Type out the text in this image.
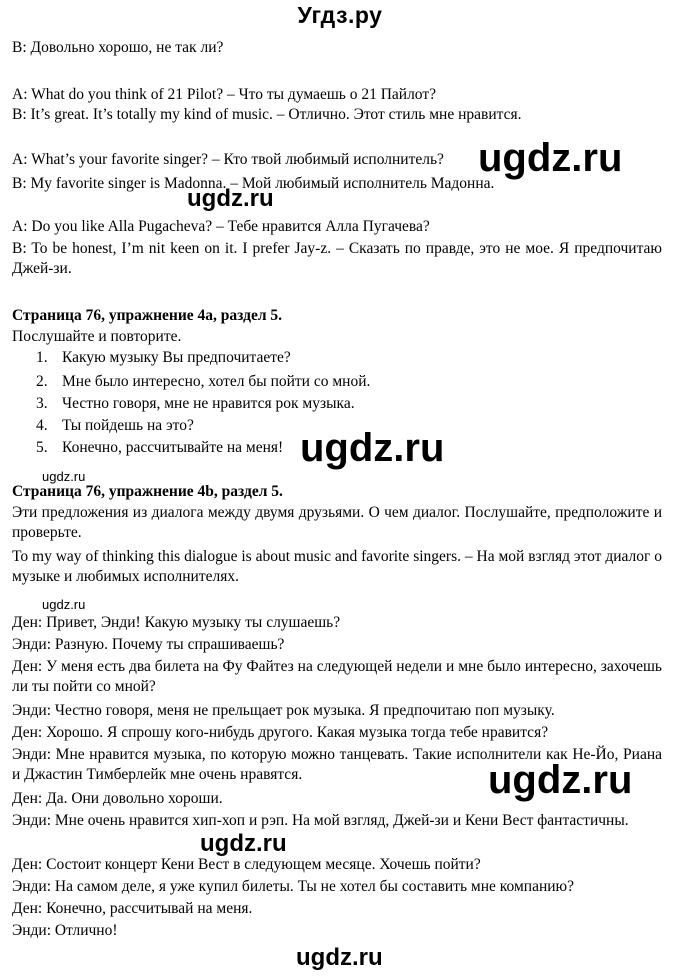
Угдз.ру
В: Довольно хорошо, не так ли?
A: What do you think of 21 Pilot? – Что ты думаешь о 21 Пайлот?
B: It’s great. It’s totally my kind of music. – Отлично. Этот стиль мне нравится.
A: What’s your favorite singer? – Кто твой любимый исполнитель?
B: My favorite singer is Madonna. – Мой любимый исполнитель Мадонна.
A: Do you like Alla Pugacheva? – Тебе нравится Алла Пугачева?
B: To be honest, I’m nit keen on it. I prefer Jay-z. – Сказать по правде, это не мое. Я предпочитаю Джей-зи.
Страница 76, упражнение 4a, раздел 5.
Послушайте и повторите.
1. Какую музыку Вы предпочитаете?
2. Мне было интересно, хотел бы пойти со мной.
3. Честно говоря, мне не нравится рок музыка.
4. Ты пойдешь на это?
5. Конечно, рассчитывайте на меня!
Страница 76, упражнение 4b, раздел 5.
Эти предложения из диалога между двумя друзьями. О чем диалог. Послушайте, предположите и проверьте.
To my way of thinking this dialogue is about music and favorite singers. – На мой взгляд этот диалог о музыке и любимых исполнителях.
Ден: Привет, Энди! Какую музыку ты слушаешь?
Энди: Разную. Почему ты спрашиваешь?
Ден: У меня есть два билета на Фу Файтез на следующей недели и мне было интересно, захочешь ли ты пойти со мной?
Энди: Честно говоря, меня не прельщает рок музыка. Я предпочитаю поп музыку.
Ден: Хорошо. Я спрошу кого-нибудь другого. Какая музыка тогда тебе нравится?
Энди: Мне нравится музыка, по которую можно танцевать. Такие исполнители как Не-Йо, Риана и Джастин Тимберлейк мне очень нравятся.
Ден: Да. Они довольно хороши.
Энди: Мне очень нравится хип-хоп и рэп. На мой взгляд, Джей-зи и Кени Вест фантастичны.
Ден: Состоит концерт Кени Вест в следующем месяце. Хочешь пойти?
Энди: На самом деле, я уже купил билеты. Ты не хотел бы составить мне компанию?
Ден: Конечно, рассчитывай на меня.
Энди: Отлично!
ugdz.ru
ugdz.ru
ugdz.ru
ugdz.ru
ugdz.ru
ugdz.ru
ugdz.ru
ugdz.ru
